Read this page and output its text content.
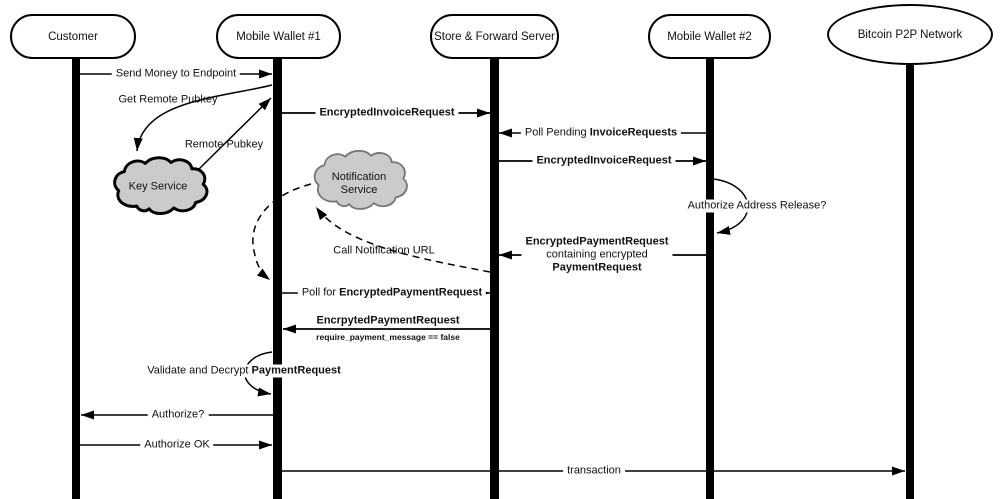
Customer	Mobile Wallet #1	Store & Forward Server	Mobile Wallet #2	Bitcoin P2P Network
Key Service
Notification
Service
Send Money to Endpoint
Get Remote Pubkey
Remote Pubkey
EncryptedInvoiceRequest
Poll Pending InvoiceRequests
EncryptedInvoiceRequest
Authorize Address Release?
EncryptedPaymentRequest
containing encrypted
PaymentRequest
Call Notification URL
Poll for EncryptedPaymentRequest
EncrpytedPaymentRequest
require_payment_message == false
Validate and Decrypt PaymentRequest
Authorize?
Authorize OK
transaction
